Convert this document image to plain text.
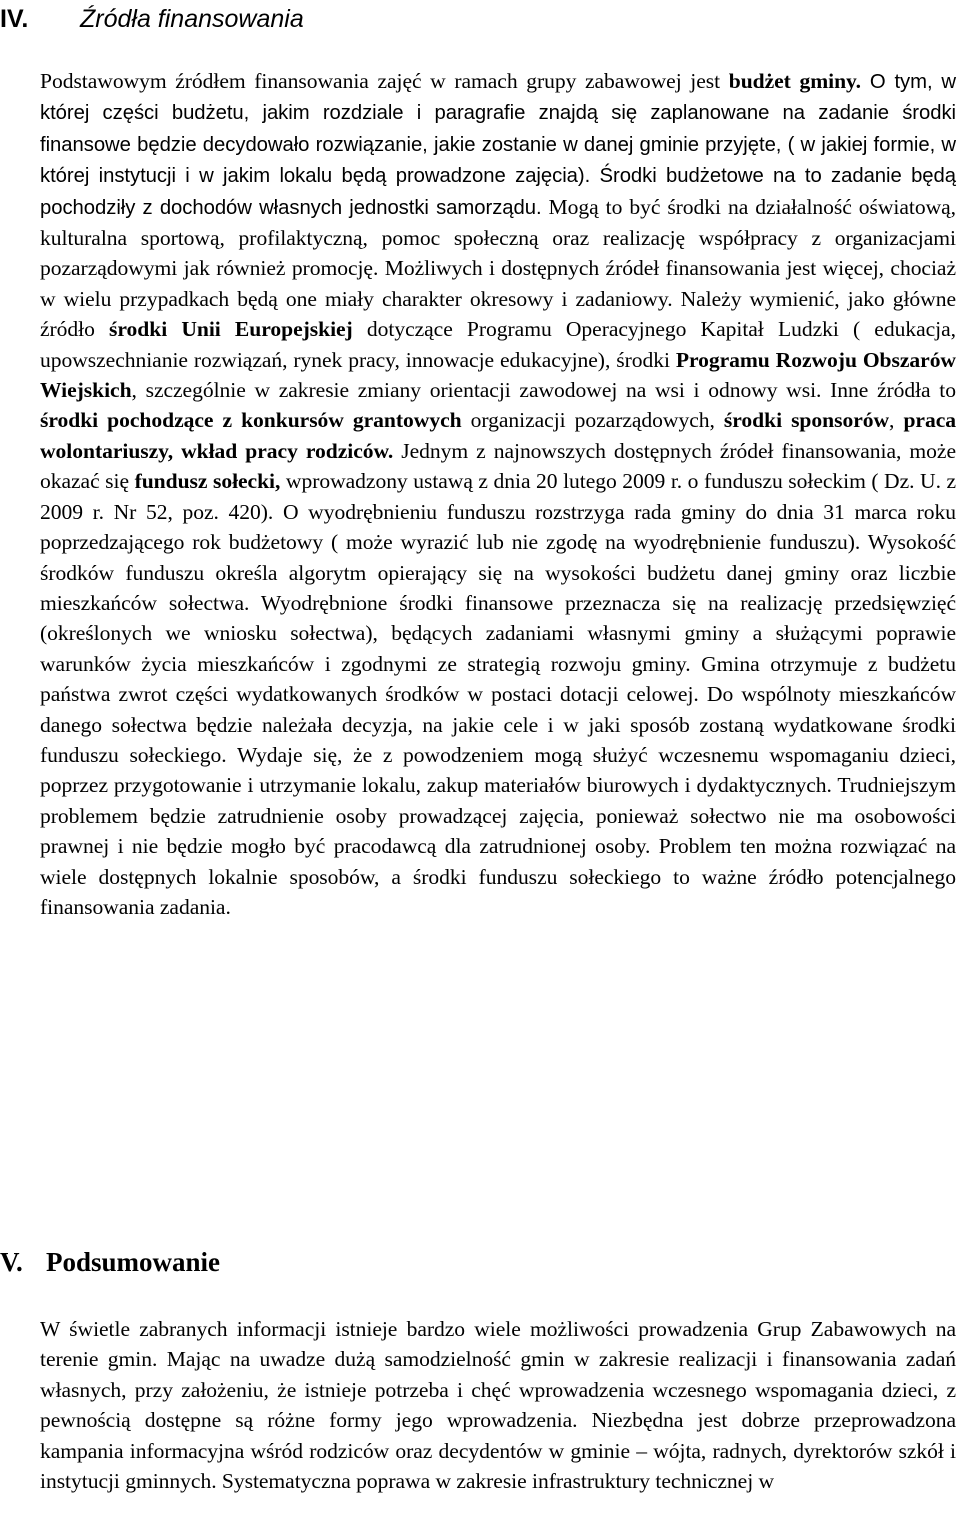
IV. Źródła finansowania

Podstawowym źródłem finansowania zajęć w ramach grupy zabawowej jest budżet gminy. O tym, w której części budżetu, jakim rozdziale i paragrafie znajdą się zaplanowane na zadanie środki finansowe będzie decydowało rozwiązanie, jakie zostanie w danej gminie przyjęte, ( w jakiej formie, w której instytucji i w jakim lokalu będą prowadzone zajęcia). Środki budżetowe na to zadanie będą pochodziły z dochodów własnych jednostki samorządu. Mogą to być środki na działalność oświatową, kulturalna sportową, profilaktyczną, pomoc społeczną oraz realizację współpracy z organizacjami pozarządowymi jak również promocję. Możliwych i dostępnych źródeł finansowania jest więcej, chociaż w wielu przypadkach będą one miały charakter okresowy i zadaniowy. Należy wymienić, jako główne źródło środki Unii Europejskiej dotyczące Programu Operacyjnego Kapitał Ludzki ( edukacja, upowszechnianie rozwiązań, rynek pracy, innowacje edukacyjne), środki Programu Rozwoju Obszarów Wiejskich, szczególnie w zakresie zmiany orientacji zawodowej na wsi i odnowy wsi. Inne źródła to środki pochodzące z konkursów grantowych organizacji pozarządowych, środki sponsorów, praca wolontariuszy, wkład pracy rodziców. Jednym z najnowszych dostępnych źródeł finansowania, może okazać się fundusz sołecki, wprowadzony ustawą z dnia 20 lutego 2009 r. o funduszu sołeckim ( Dz. U. z 2009 r. Nr 52, poz. 420). O wyodrębnieniu funduszu rozstrzyga rada gminy do dnia 31 marca roku poprzedzającego rok budżetowy ( może wyrazić lub nie zgodę na wyodrębnienie funduszu). Wysokość środków funduszu określa algorytm opierający się na wysokości budżetu danej gminy oraz liczbie mieszkańców sołectwa. Wyodrębnione środki finansowe przeznacza się na realizację przedsięwzięć (określonych we wniosku sołectwa), będących zadaniami własnymi gminy a służącymi poprawie warunków życia mieszkańców i zgodnymi ze strategią rozwoju gminy. Gmina otrzymuje z budżetu państwa zwrot części wydatkowanych środków w postaci dotacji celowej. Do wspólnoty mieszkańców danego sołectwa będzie należała decyzja, na jakie cele i w jaki sposób zostaną wydatkowane środki funduszu sołeckiego. Wydaje się, że z powodzeniem mogą służyć wczesnemu wspomaganiu dzieci, poprzez przygotowanie i utrzymanie lokalu, zakup materiałów biurowych i dydaktycznych. Trudniejszym problemem będzie zatrudnienie osoby prowadzącej zajęcia, ponieważ sołectwo nie ma osobowości prawnej i nie będzie mogło być pracodawcą dla zatrudnionej osoby. Problem ten można rozwiązać na wiele dostępnych lokalnie sposobów, a środki funduszu sołeckiego to ważne źródło potencjalnego finansowania zadania.

V. Podsumowanie

W świetle zabranych informacji istnieje bardzo wiele możliwości prowadzenia Grup Zabawowych na terenie gmin. Mając na uwadze dużą samodzielność gmin w zakresie realizacji i finansowania zadań własnych, przy założeniu, że istnieje potrzeba i chęć wprowadzenia wczesnego wspomagania dzieci, z pewnością dostępne są różne formy jego wprowadzenia. Niezbędna jest dobrze przeprowadzona kampania informacyjna wśród rodziców oraz decydentów w gminie – wójta, radnych, dyrektorów szkół i instytucji gminnych. Systematyczna poprawa w zakresie infrastruktury technicznej w
